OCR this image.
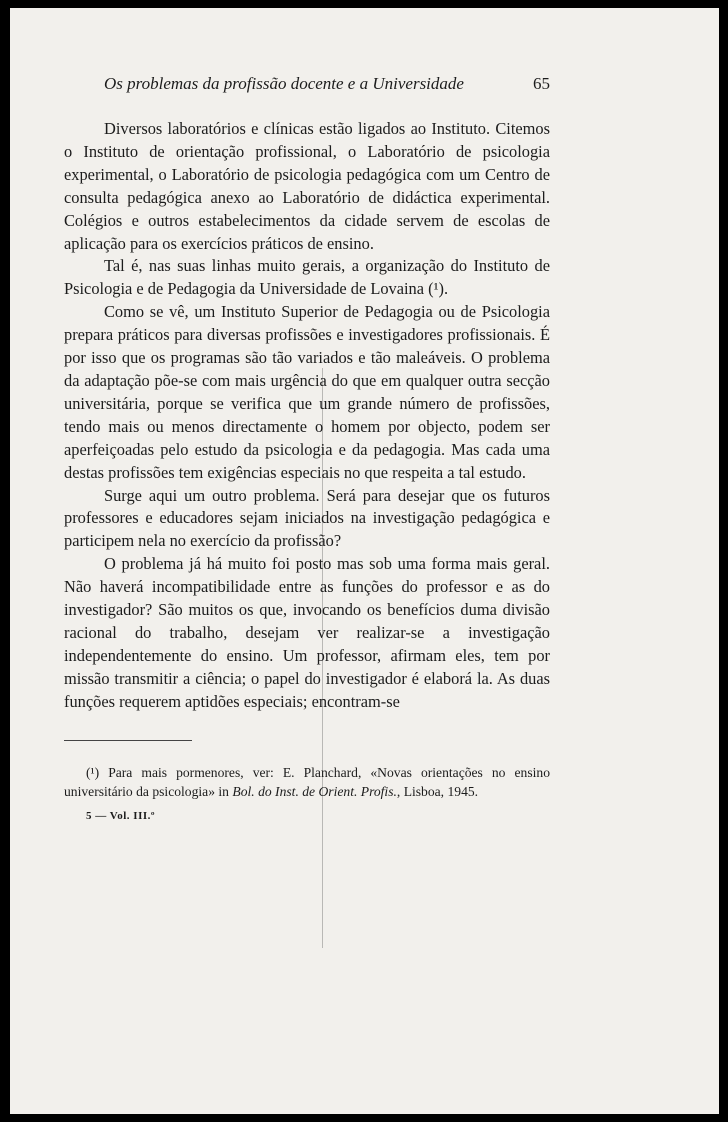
Os problemas da profissão docente e a Universidade	65

Diversos laboratórios e clínicas estão ligados ao Instituto. Citemos o Instituto de orientação profissional, o Laboratório de psicologia experimental, o Laboratório de psicologia pedagógica com um Centro de consulta pedagógica anexo ao Laboratório de didáctica experimental. Colégios e outros estabelecimentos da cidade servem de escolas de aplicação para os exercícios práticos de ensino.

Tal é, nas suas linhas muito gerais, a organização do Instituto de Psicologia e de Pedagogia da Universidade de Lovaina (¹).

Como se vê, um Instituto Superior de Pedagogia ou de Psicologia prepara práticos para diversas profissões e investigadores profissionais. É por isso que os programas são tão variados e tão maleáveis. O problema da adaptação põe-se com mais urgência do que em qualquer outra secção universitária, porque se verifica que um grande número de profissões, tendo mais ou menos directamente o homem por objecto, podem ser aperfeiçoadas pelo estudo da psicologia e da pedagogia. Mas cada uma destas profissões tem exigências especiais no que respeita a tal estudo.

Surge aqui um outro problema. Será para desejar que os futuros professores e educadores sejam iniciados na investigação pedagógica e participem nela no exercício da profissão?

O problema já há muito foi posto mas sob uma forma mais geral. Não haverá incompatibilidade entre as funções do professor e as do investigador? São muitos os que, invocando os benefícios duma divisão racional do trabalho, desejam ver realizar-se a investigação independentemente do ensino. Um professor, afirmam eles, tem por missão transmitir a ciência; o papel do investigador é elaborá la. As duas funções requerem aptidões especiais; encontram-se

(¹) Para mais pormenores, ver: E. Planchard, «Novas orientações no ensino universitário da psicologia» in Bol. do Inst. de Orient. Profis., Lisboa, 1945.
5 — Vol. III.º
